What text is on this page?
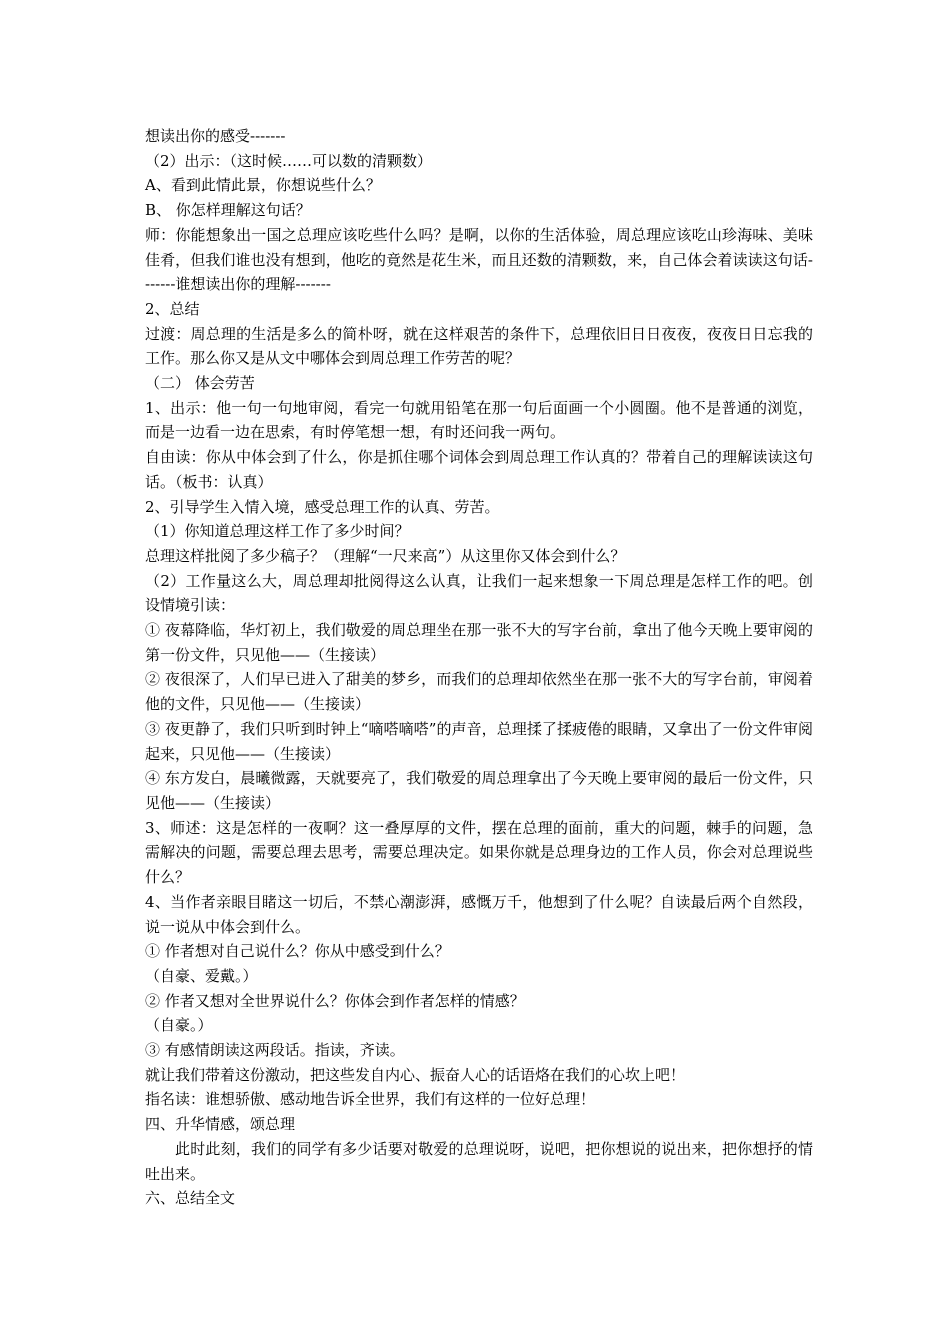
想读出你的感受-------

（2）出示：（这时候……可以数的清颗数）

A、看到此情此景，你想说些什么？

B、 你怎样理解这句话？

师：你能想象出一国之总理应该吃些什么吗？是啊，以你的生活体验，周总理应该吃山珍海味、美味佳肴，但我们谁也没有想到，他吃的竟然是花生米，而且还数的清颗数，来，自己体会着读读这句话-------谁想读出你的理解-------

2、总结

过渡：周总理的生活是多么的简朴呀，就在这样艰苦的条件下，总理依旧日日夜夜，夜夜日日忘我的工作。那么你又是从文中哪体会到周总理工作劳苦的呢？

（二） 体会劳苦

1、出示：他一句一句地审阅，看完一句就用铅笔在那一句后面画一个小圆圈。他不是普通的浏览，而是一边看一边在思索，有时停笔想一想，有时还问我一两句。

自由读：你从中体会到了什么，你是抓住哪个词体会到周总理工作认真的？带着自己的理解读读这句话。（板书：认真）

2、引导学生入情入境，感受总理工作的认真、劳苦。

（1）你知道总理这样工作了多少时间？

总理这样批阅了多少稿子？（理解“一尺来高”）从这里你又体会到什么？

（2）工作量这么大，周总理却批阅得这么认真，让我们一起来想象一下周总理是怎样工作的吧。创设情境引读：

① 夜幕降临，华灯初上，我们敬爱的周总理坐在那一张不大的写字台前，拿出了他今天晚上要审阅的第一份文件，只见他——（生接读）

② 夜很深了，人们早已进入了甜美的梦乡，而我们的总理却依然坐在那一张不大的写字台前，审阅着他的文件，只见他——（生接读）

③ 夜更静了，我们只听到时钟上“嘀嗒嘀嗒”的声音，总理揉了揉疲倦的眼睛，又拿出了一份文件审阅起来，只见他——（生接读）

④ 东方发白，晨曦微露，天就要亮了，我们敬爱的周总理拿出了今天晚上要审阅的最后一份文件，只见他——（生接读）

3、师述：这是怎样的一夜啊？这一叠厚厚的文件，摆在总理的面前，重大的问题，棘手的问题，急需解决的问题，需要总理去思考，需要总理决定。如果你就是总理身边的工作人员，你会对总理说些什么？

4、当作者亲眼目睹这一切后，不禁心潮澎湃，感慨万千，他想到了什么呢？自读最后两个自然段，说一说从中体会到什么。

① 作者想对自己说什么？你从中感受到什么？

（自豪、爱戴。）

② 作者又想对全世界说什么？你体会到作者怎样的情感？

（自豪。）

③ 有感情朗读这两段话。指读，齐读。

就让我们带着这份激动，把这些发自内心、振奋人心的话语烙在我们的心坎上吧！

指名读：谁想骄傲、感动地告诉全世界，我们有这样的一位好总理！

四、升华情感，颂总理

此时此刻，我们的同学有多少话要对敬爱的总理说呀，说吧，把你想说的说出来，把你想抒的情吐出来。

六、总结全文
